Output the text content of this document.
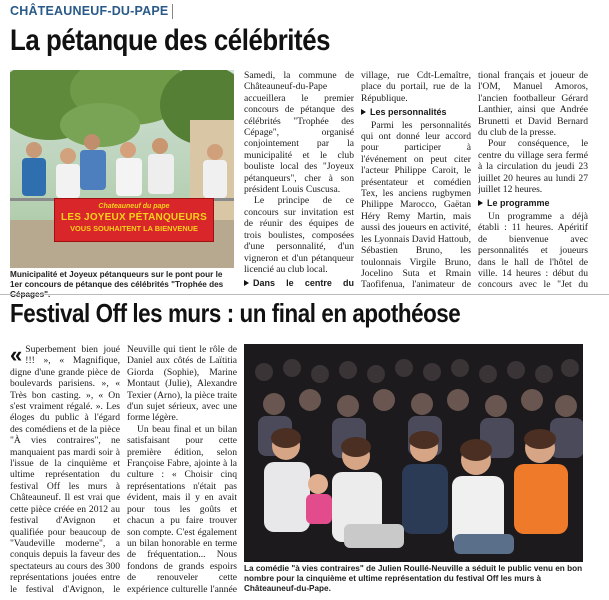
CHÂTEAUNEUF-DU-PAPE
La pétanque des célébrités
Chateauneuf du pape
LES JOYEUX PÉTANQUEURS
VOUS SOUHAITENT LA BIENVENUE
Municipalité et Joyeux pétanqueurs sur le pont pour le 1er concours de pétanque des célébrités "Trophée des

Samedi, la commune de Châteauneuf-du-Pape accueillera le premier concours de pétanque des célébrités "Trophée des Cépage", organisé conjointement par la municipalité et le club bouliste local des "Joyeux pétanqueurs", cher à son président Louis Cuscusa.

Le principe de ce concours sur invitation est de réunir des équipes de trois boulistes, composées d'une personnalité, d'un vigneron et d'un pétanqueur licencié au club local.

Dans le centre du

village, rue Cdt-Lemaître, place du portail, rue de la République.

Les personnalités

Parmi les personnalités qui ont donné leur accord pour participer à l'événement on peut citer l'acteur Philippe Caroit, le présentateur et comédien Tex, les anciens rugbymen Philippe Marocco, Gaëtan Héry Remy Martin, mais aussi des joueurs en activité, les Lyonnais David Hattoub, Sébastien Bruno, les toulonnais Virgile Bruno, Jocelino Suta et Rmain Taofifenua, l'animateur de

tional français et joueur de l'OM, Manuel Amoros, l'ancien footballeur Gérard Lanthier, ainsi que Andrée Brunetti et David Bernard du club de la presse.

Pour conséquence, le centre du village sera fermé à la circulation du jeudi 23 juillet 20 heures au lundi 27 juillet 12 heures.

Le programme

Un programme a déjà établi : 11 heures. Apéritif de bienvenue avec personnalités et joueurs dans le hall de l'hôtel de ville. 14 heures : début du concours avec le "Jet du

Festival Off les murs : un final en apothéose

« Superbement bien joué !!! », « Magnifique, digne d'une grande pièce de boulevards parisiens. », « Très bon casting. », « On s'est vraiment régalé. ». Les éloges du public à l'égard des comédiens et de la pièce "À vies contraires", ne manquaient pas mardi soir à l'issue de la cinquième et ultime représentation du festival Off les murs à Châteauneuf. Il est vrai que cette pièce créée en 2012 au festival d'Avignon et qualifiée pour beaucoup de "Vaudeville moderne", a conquis depuis la faveur des spectateurs au cours des 300 représentations jouées entre le festival d'Avignon, le

Neuville qui tient le rôle de Daniel aux côtés de Laïtitia Giorda (Sophie), Marine Montaut (Julie), Alexandre Texier (Arno), la pièce traite d'un sujet sérieux, avec une forme légère.

Un beau final et un bilan satisfaisant pour cette première édition, selon Françoise Fabre, ajointe à la culture : « Choisir cinq représentations n'était pas évident, mais il y en avait pour tous les goûts et chacun a pu faire trouver son compte. C'est également un bilan honorable en terme de fréquentation... Nous fondons de grands espoirs de renouveler cette expérience culturelle l'année

La comédie "à vies contraires" de Julien Roullé-Neuville a séduit le public venu en bon nombre pour la cinquième et ultime représentation du festival Off les murs à Châteauneuf-du-Pape.
